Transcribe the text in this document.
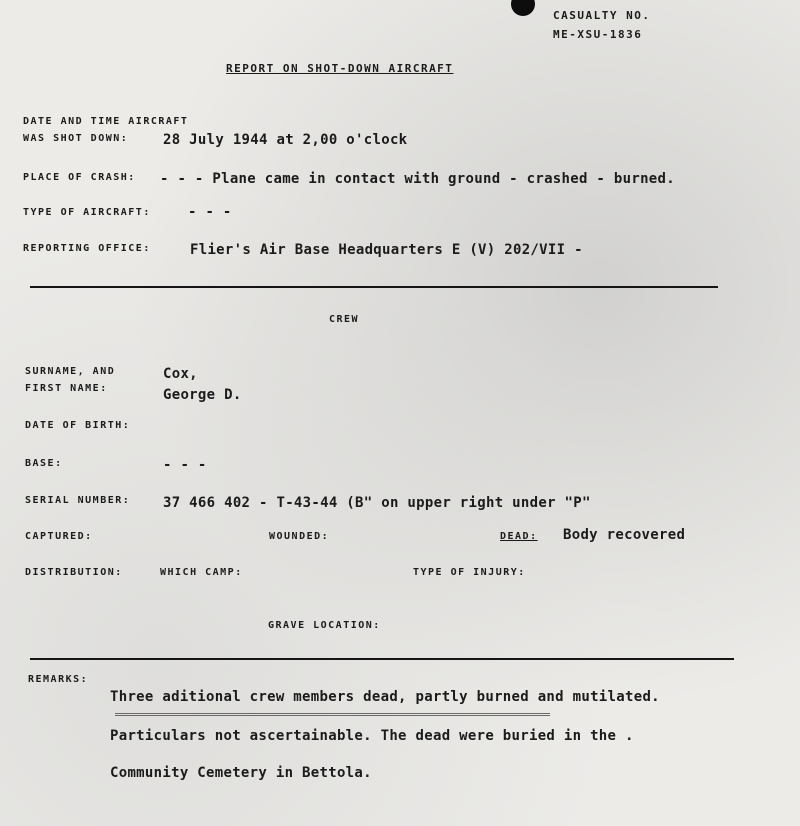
CASUALTY NO.
ME-XSU-1836
REPORT ON SHOT-DOWN AIRCRAFT
DATE AND TIME AIRCRAFT
WAS SHOT DOWN: 28 July 1944 at 2,00 o'clock
PLACE OF CRASH: - - - Plane came in contact with ground - crashed - burned.
TYPE OF AIRCRAFT:	- - -
REPORTING OFFICE:	Flier's Air Base Headquarters E (V) 202/VII -
CREW
SURNAME, AND
FIRST NAME:
Cox,
George D.
DATE OF BIRTH:
BASE:	- - -
SERIAL NUMBER: 37 466 402 - T-43-44 (B" on upper right under "P"
CAPTURED:	WOUNDED:	DEAD: Body recovered
DISTRIBUTION:	WHICH CAMP:	TYPE OF INJURY:
GRAVE LOCATION:
REMARKS:
Three aditional crew members dead, partly burned and mutilated.
Particulars not ascertainable. The dead were buried in the .
Community Cemetery in Bettola.
